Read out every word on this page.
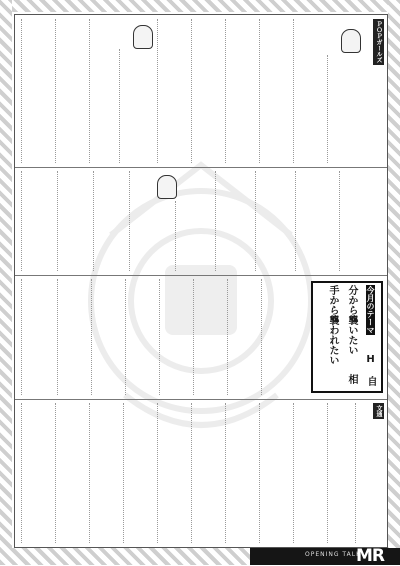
今月のテーマ H 自分から襲いたい 相手から襲われたい
ＰＯＰガールズ
文通
OPENING TALK
MR
